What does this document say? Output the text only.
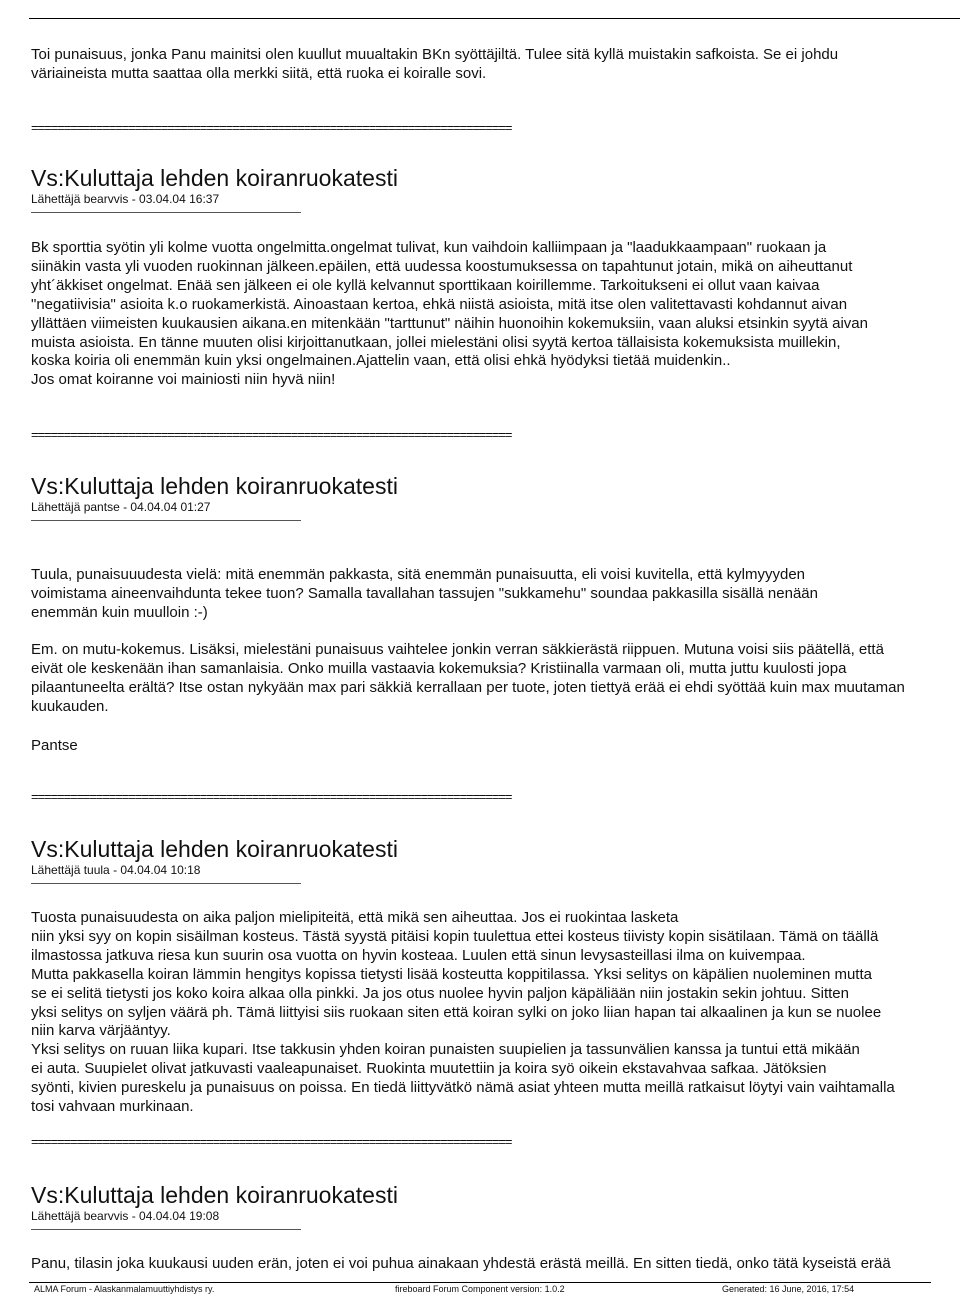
Toi punaisuus, jonka Panu mainitsi olen kuullut muualtakin BKn syöttäjiltä. Tulee sitä kyllä muistakin safkoista. Se ei johdu
väriaineista mutta saattaa olla merkki siitä, että ruoka ei koiralle sovi.
==========================================================================
Vs:Kuluttaja lehden koiranruokatesti
Lähettäjä bearvvis - 03.04.04 16:37

Bk sporttia syötin yli kolme vuotta ongelmitta.ongelmat tulivat, kun vaihdoin kalliimpaan ja "laadukkaampaan" ruokaan ja
siinäkin vasta yli vuoden ruokinnan jälkeen.epäilen, että uudessa koostumuksessa on tapahtunut jotain, mikä on aiheuttanut
yht´äkkiset ongelmat. Enää sen jälkeen ei ole kyllä kelvannut sporttikaan koirillemme. Tarkoitukseni ei ollut vaan kaivaa
"negatiivisia" asioita k.o ruokamerkistä. Ainoastaan kertoa, ehkä niistä asioista, mitä itse olen valitettavasti kohdannut aivan
yllättäen viimeisten kuukausien aikana.en mitenkään "tarttunut" näihin huonoihin kokemuksiin, vaan aluksi etsinkin syytä aivan
muista asioista. En tänne muuten olisi kirjoittanutkaan, jollei mielestäni olisi syytä kertoa tällaisista kokemuksista muillekin,
koska koiria oli enemmän kuin yksi ongelmainen.Ajattelin vaan, että olisi ehkä hyödyksi tietää muidenkin..
Jos omat koiranne voi mainiosti niin hyvä niin!

==========================================================================
Vs:Kuluttaja lehden koiranruokatesti
Lähettäjä pantse - 04.04.04 01:27

Tuula, punaisuuudesta vielä: mitä enemmän pakkasta, sitä enemmän punaisuutta, eli voisi kuvitella, että kylmyyyden
voimistama aineenvaihdunta tekee tuon? Samalla tavallahan tassujen "sukkamehu" soundaa pakkasilla sisällä nenään
enemmän kuin muulloin :-)

Em. on mutu-kokemus. Lisäksi, mielestäni punaisuus vaihtelee jonkin verran säkkierästä riippuen. Mutuna voisi siis päätellä, että
eivät ole keskenään ihan samanlaisia. Onko muilla vastaavia kokemuksia? Kristiinalla varmaan oli, mutta juttu kuulosti jopa
pilaantuneelta erältä? Itse ostan nykyään max pari säkkiä kerrallaan per tuote, joten tiettyä erää ei ehdi syöttää kuin max muutaman
kuukauden.

Pantse

==========================================================================
Vs:Kuluttaja lehden koiranruokatesti
Lähettäjä tuula - 04.04.04 10:18

Tuosta punaisuudesta on aika paljon mielipiteitä, että mikä sen aiheuttaa. Jos ei ruokintaa lasketa
niin yksi syy on kopin sisäilman kosteus. Tästä syystä pitäisi kopin tuulettua ettei kosteus tiivisty kopin sisätilaan. Tämä on täällä
ilmastossa jatkuva riesa kun suurin osa vuotta on hyvin kosteaa. Luulen että sinun levysasteillasi ilma on kuivempaa.
Mutta pakkasella koiran lämmin hengitys kopissa tietysti lisää kosteutta koppitilassa. Yksi selitys on käpälien nuoleminen mutta
se ei selitä tietysti jos koko koira alkaa olla pinkki. Ja jos otus nuolee hyvin paljon käpäliään niin jostakin sekin johtuu. Sitten
yksi selitys on syljen väärä ph. Tämä liittyisi siis ruokaan siten että koiran sylki on joko liian hapan tai alkaalinen ja kun se nuolee
niin karva värjääntyy.
Yksi selitys on ruuan liika kupari. Itse takkusin yhden koiran punaisten suupielien ja tassunvälien kanssa ja tuntui että mikään
ei auta. Suupielet olivat jatkuvasti vaaleapunaiset. Ruokinta muutettiin ja koira syö oikein ekstavahvaa safkaa. Jätöksien
syönti, kivien pureskelu ja punaisuus on poissa. En tiedä liittyvätkö nämä asiat yhteen mutta meillä ratkaisut löytyi vain vaihtamalla
tosi vahvaan murkinaan.

==========================================================================
Vs:Kuluttaja lehden koiranruokatesti
Lähettäjä bearvvis - 04.04.04 19:08

Panu, tilasin joka kuukausi uuden erän, joten ei voi puhua ainakaan yhdestä erästä meillä. En sitten tiedä, onko tätä kyseistä erää

ALMA Forum - Alaskanmalamuuttiyhdistys ry.	fireboard Forum Component version: 1.0.2	Generated: 16 June, 2016, 17:54
